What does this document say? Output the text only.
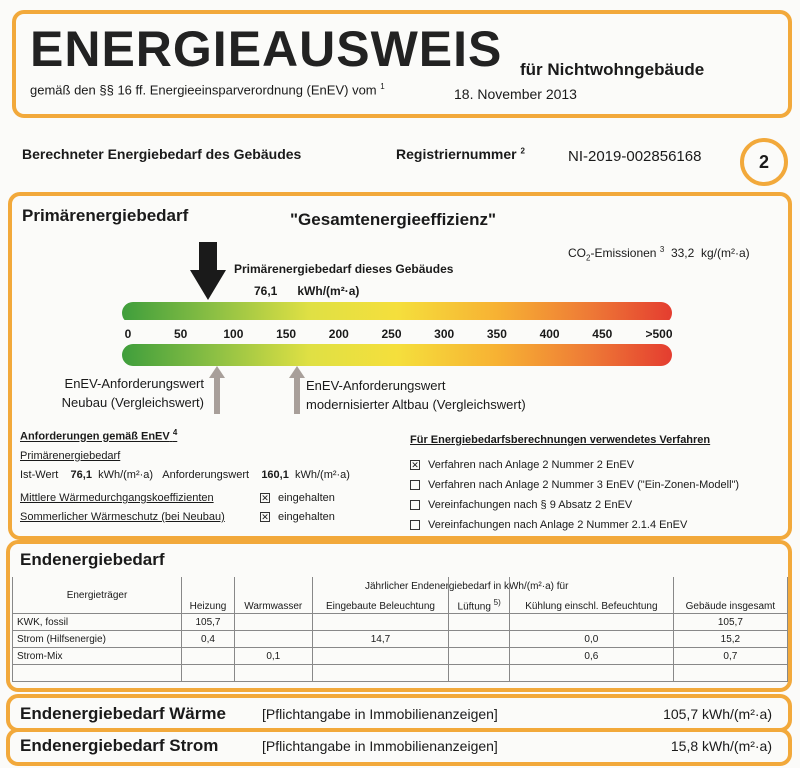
ENERGIEAUSWEIS für Nichtwohngebäude
gemäß den §§ 16 ff. Energieeinsparverordnung (EnEV) vom $^1$	18. November 2013
Berechneter Energiebedarf des Gebäudes	Registriernummer $^2$	NI-2019-002856168	2
Primärenergiebedarf	"Gesamtenergieeffizienz"
$CO_2$-Emissionen $^3$ 33,2 kg/(m²·a)
Primärenergiebedarf dieses Gebäudes
76,1 kWh/(m²·a)
0	50	100	150	200	250	300	350	400	450	>500
EnEV-Anforderungswert
Neubau (Vergleichswert)
EnEV-Anforderungswert
modernisierter Altbau (Vergleichswert)
Anforderungen gemäß EnEV $^4$
Primärenergiebedarf
Ist-Wert 76,1 kWh/(m²·a) Anforderungswert 160,1 kWh/(m²·a)
Mittlere Wärmedurchgangskoeffizienten	✕ eingehalten
Sommerlicher Wärmeschutz (bei Neubau)	✕ eingehalten
Für Energiebedarfsberechnungen verwendetes Verfahren
✕ Verfahren nach Anlage 2 Nummer 2 EnEV
Verfahren nach Anlage 2 Nummer 3 EnEV ("Ein-Zonen-Modell")
Vereinfachungen nach § 9 Absatz 2 EnEV
Vereinfachungen nach Anlage 2 Nummer 2.1.4 EnEV
Endenergiebedarf
Jährlicher Endenergiebedarf in kWh/(m²·a) für
Energieträger	Heizung	Warmwasser	Eingebaute Beleuchtung	Lüftung $^{5)}$	Kühlung einschl. Befeuchtung	Gebäude insgesamt
KWK, fossil	105,7					105,7
Strom (Hilfsenergie)	0,4		14,7		0,0	15,2
Strom-Mix		0,1			0,6	0,7

Endenergiebedarf Wärme	[Pflichtangabe in Immobilienanzeigen]	105,7 kWh/(m²·a)
Endenergiebedarf Strom	[Pflichtangabe in Immobilienanzeigen]	15,8 kWh/(m²·a)
